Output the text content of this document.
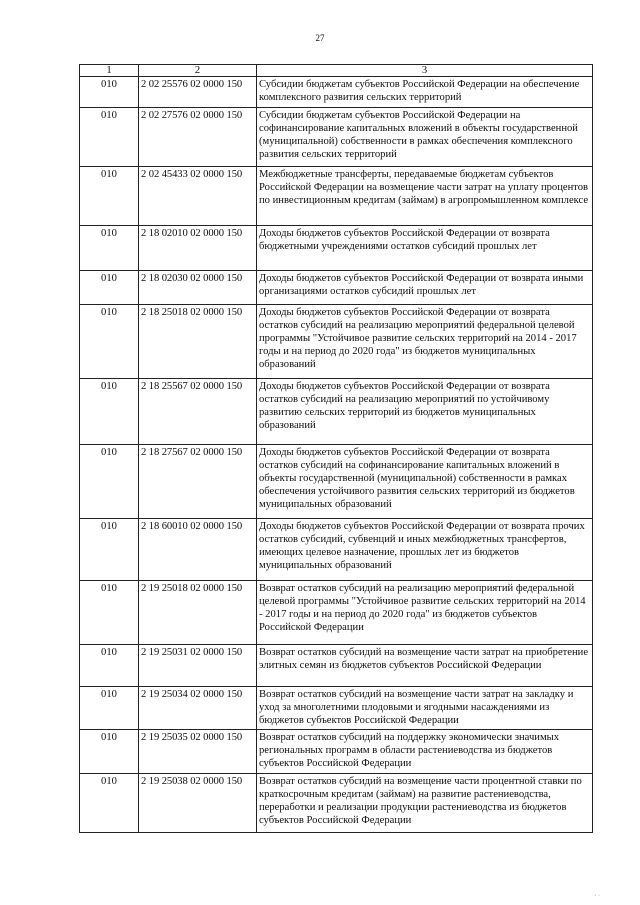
27
1	2	3
010	2 02 25576 02 0000 150	Субсидии бюджетам субъектов Российской Федерации на обеспечение комплексного развития сельских территорий
010	2 02 27576 02 0000 150	Субсидии бюджетам субъектов Российской Федерации на софинансирование капитальных вложений в объекты государственной (муниципальной) собственности в рамках обеспечения комплексного развития сельских территорий
010	2 02 45433 02 0000 150	Межбюджетные трансферты, передаваемые бюджетам субъектов Российской Федерации на возмещение части затрат на уплату процентов по инвестиционным кредитам (займам) в агропромышленном комплексе
010	2 18 02010 02 0000 150	Доходы бюджетов субъектов Российской Федерации от возврата бюджетными учреждениями остатков субсидий прошлых лет
010	2 18 02030 02 0000 150	Доходы бюджетов субъектов Российской Федерации от возврата иными организациями остатков субсидий прошлых лет
010	2 18 25018 02 0000 150	Доходы бюджетов субъектов Российской Федерации от возврата остатков субсидий на реализацию мероприятий федеральной целевой программы "Устойчивое развитие сельских территорий на 2014 - 2017 годы и на период до 2020 года" из бюджетов муниципальных образований
010	2 18 25567 02 0000 150	Доходы бюджетов субъектов Российской Федерации от возврата остатков субсидий на реализацию мероприятий по устойчивому развитию сельских территорий из бюджетов муниципальных образований
010	2 18 27567 02 0000 150	Доходы бюджетов субъектов Российской Федерации от возврата остатков субсидий на софинансирование капитальных вложений в объекты государственной (муниципальной) собственности в рамках обеспечения устойчивого развития сельских территорий из бюджетов муниципальных образований
010	2 18 60010 02 0000 150	Доходы бюджетов субъектов Российской Федерации от возврата прочих остатков субсидий, субвенций и иных межбюджетных трансфертов, имеющих целевое назначение, прошлых лет из бюджетов муниципальных образований
010	2 19 25018 02 0000 150	Возврат остатков субсидий на реализацию мероприятий федеральной целевой программы "Устойчивое развитие сельских территорий на 2014 - 2017 годы и на период до 2020 года" из бюджетов субъектов Российской Федерации
010	2 19 25031 02 0000 150	Возврат остатков субсидий на возмещение части затрат на приобретение элитных семян из бюджетов субъектов Российской Федерации
010	2 19 25034 02 0000 150	Возврат остатков субсидий на возмещение части затрат на закладку и уход за многолетними плодовыми и ягодными насаждениями из бюджетов субъектов Российской Федерации
010	2 19 25035 02 0000 150	Возврат остатков субсидий на поддержку экономически значимых региональных программ в области растениеводства из бюджетов субъектов Российской Федерации
010	2 19 25038 02 0000 150	Возврат остатков субсидий на возмещение части процентной ставки по краткосрочным кредитам (займам) на развитие растениеводства, переработки и реализации продукции растениеводства из бюджетов субъектов Российской Федерации
· ·
